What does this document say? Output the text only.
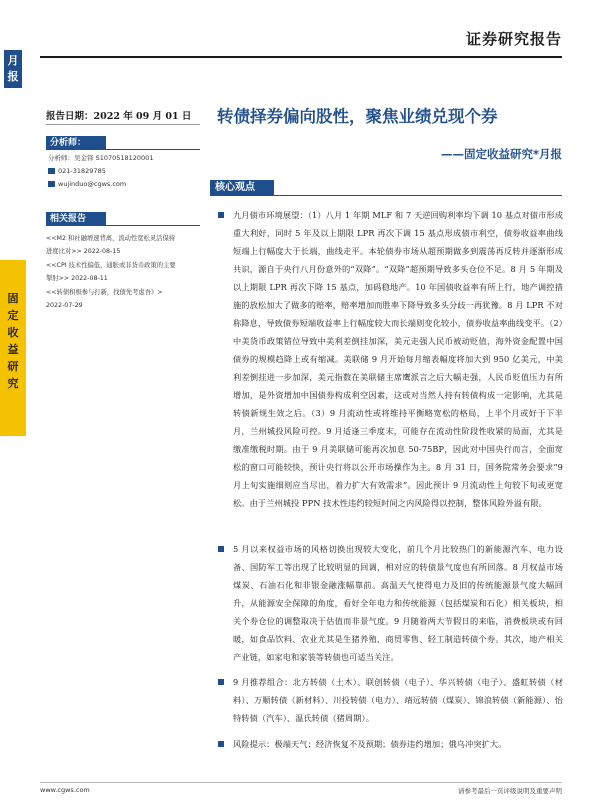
月
报
固
定
收
益
研
究
证券研究报告
报告日期：2022 年 09 月 01 日
分析师：
分析师：吴金铎 S1070518120001
021-31829785
wujinduo@cgws.com
相关报告
<<M2 和社融增速背离，流动性宽松灵活保持
进度比对>> 2022-08-15
<<CPI 技术性偏低，通胀或非货币政策的主要
掣肘>> 2022-08-11
<<转债积极参与打新，找债先考虑吾》>
2022-07-29
转债择券偏向股性，聚焦业绩兑现个券
——固定收益研究*月报
核心观点
九月债市环境展望：（1）八月 1 年期 MLF 和 7 天逆回购利率均下调 10 基点对债市形成重大利好，同时 5 年及以上期限 LPR 再次下调 15 基点形成债市利空，债券收益率曲线短端上行幅度大于长端，曲线走平。本轮债券市场从超预期做多到震荡再反转并逐渐形成共识，源自于央行八月份意外的“双降”。“双降”超预期导致多头仓位不足。8 月 5 年期及以上期限 LPR 再次下降 15 基点，加码稳地产。10 年国债收益率有所上行，地产调控措施的放松加大了做多的赔率，赔率增加而胜率下降导致多头分歧一再犹豫。8 月 LPR 不对称降息，导致债券短端收益率上行幅度较大而长端则变化较小，债券收益率曲线变平。（2）中美货币政策错位导致中美利差倒挂加深，美元走强人民币被动贬值，海外资金配置中国债券的规模趋降上或有缩减。美联储 9 月开始每月缩表幅度将加大到 950 亿美元，中美利差倒挂进一步加深，美元指数在美联储主席鹰派言之后大幅走强，人民币贬值压力有所增加，是外资增加中国债券构成利空因素，这或对当然人持有转债构成一定影响，尤其是转债新规生效之后。（3）9 月流动性或将维持平衡略宽松的格局，上半个月或好于下半月，兰州城投风险可控。9 月适逢三季度末，可能存在流动性阶段性收紧的局面，尤其是缴准缴税时期。由于 9 月美联储可能再次加息 50-75BP，因此对中国央行而言，全面宽松的窗口可能较快，预计央行将以公开市场操作为主。8 月 31 日，国务院常务会要求“9 月上旬实施细则应当尽出，着力扩大有效需求”。因此预计 9 月流动性上旬较下旬或更宽松。由于兰州城投 PPN 技术性违约较短时间之内风险得以控制，整体风险外溢有限。
5 月以来权益市场的风格切换出现较大变化，前几个月比较热门的新能源汽车、电力设备、国防军工等出现了比较明显的回调，相对应的转债景气度也有所回落。8 月权益市场煤炭、石油石化和非银金融涨幅靠前。高温天气使得电力及旧的传统能源景气度大幅回升，从能源安全保障的角度，看好全年电力和传统能源（包括煤炭和石化）相关板块，相关个券仓位的调整取决于估值而非景气度。9 月随着两大节假日的来临，消费板块或有回暖，如食品饮料、农业尤其是生猪养殖、商贸零售、轻工制造转债个券。其次，地产相关产业链，如家电和家装等转债也可适当关注。
9 月推荐组合：北方转债（土木）、联创转债（电子）、华兴转债（电子）、盛虹转债（材料）、万顺转债（新材料）、川投转债（电力）、靖远转债（煤炭）、锦浪转债（新能源）、怡特转债（汽车）、温氏转债（猪周期）。
风险提示：极端天气；经济恢复不及预期；债券违约增加；俄乌冲突扩大。
www.cgws.com	请参考最后一页评级说明及重要声明
